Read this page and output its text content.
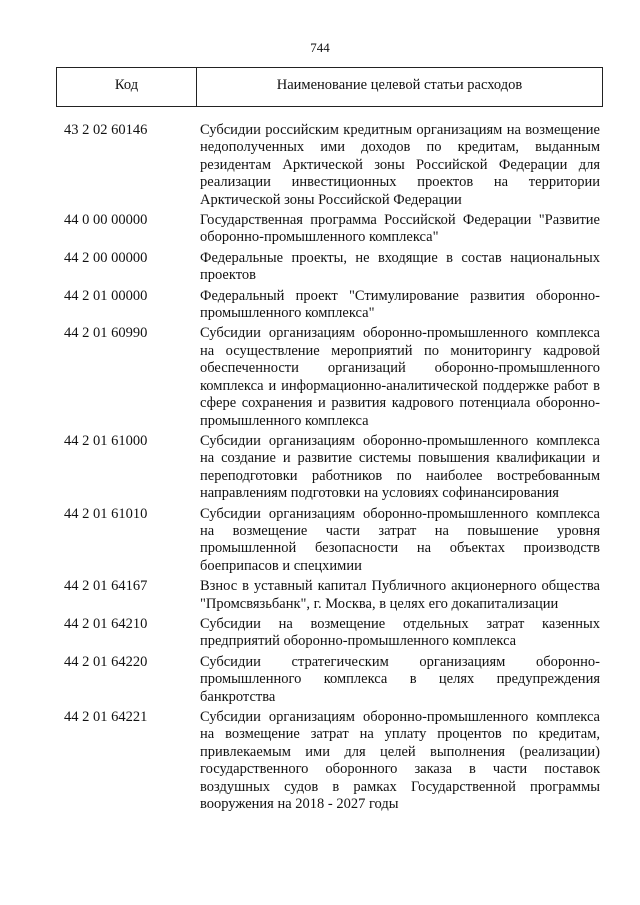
744
Код	Наименование целевой статьи расходов
43 2 02 60146	Субсидии российским кредитным организациям на возмещение недополученных ими доходов по кредитам, выданным резидентам Арктической зоны Российской Федерации для реализации инвестиционных проектов на территории Арктической зоны Российской Федерации
44 0 00 00000	Государственная программа Российской Федерации "Развитие оборонно-промышленного комплекса"
44 2 00 00000	Федеральные проекты, не входящие в состав национальных проектов
44 2 01 00000	Федеральный проект "Стимулирование развития оборонно-промышленного комплекса"
44 2 01 60990	Субсидии организациям оборонно-промышленного комплекса на осуществление мероприятий по мониторингу кадровой обеспеченности организаций оборонно-промышленного комплекса и информационно-аналитической поддержке работ в сфере сохранения и развития кадрового потенциала оборонно-промышленного комплекса
44 2 01 61000	Субсидии организациям оборонно-промышленного комплекса на создание и развитие системы повышения квалификации и переподготовки работников по наиболее востребованным направлениям подготовки на условиях софинансирования
44 2 01 61010	Субсидии организациям оборонно-промышленного комплекса на возмещение части затрат на повышение уровня промышленной безопасности на объектах производств боеприпасов и спецхимии
44 2 01 64167	Взнос в уставный капитал Публичного акционерного общества "Промсвязьбанк", г. Москва, в целях его докапитализации
44 2 01 64210	Субсидии на возмещение отдельных затрат казенных предприятий оборонно-промышленного комплекса
44 2 01 64220	Субсидии стратегическим организациям оборонно-промышленного комплекса в целях предупреждения банкротства
44 2 01 64221	Субсидии организациям оборонно-промышленного комплекса на возмещение затрат на уплату процентов по кредитам, привлекаемым ими для целей выполнения (реализации) государственного оборонного заказа в части поставок воздушных судов в рамках Государственной программы вооружения на 2018 - 2027 годы
